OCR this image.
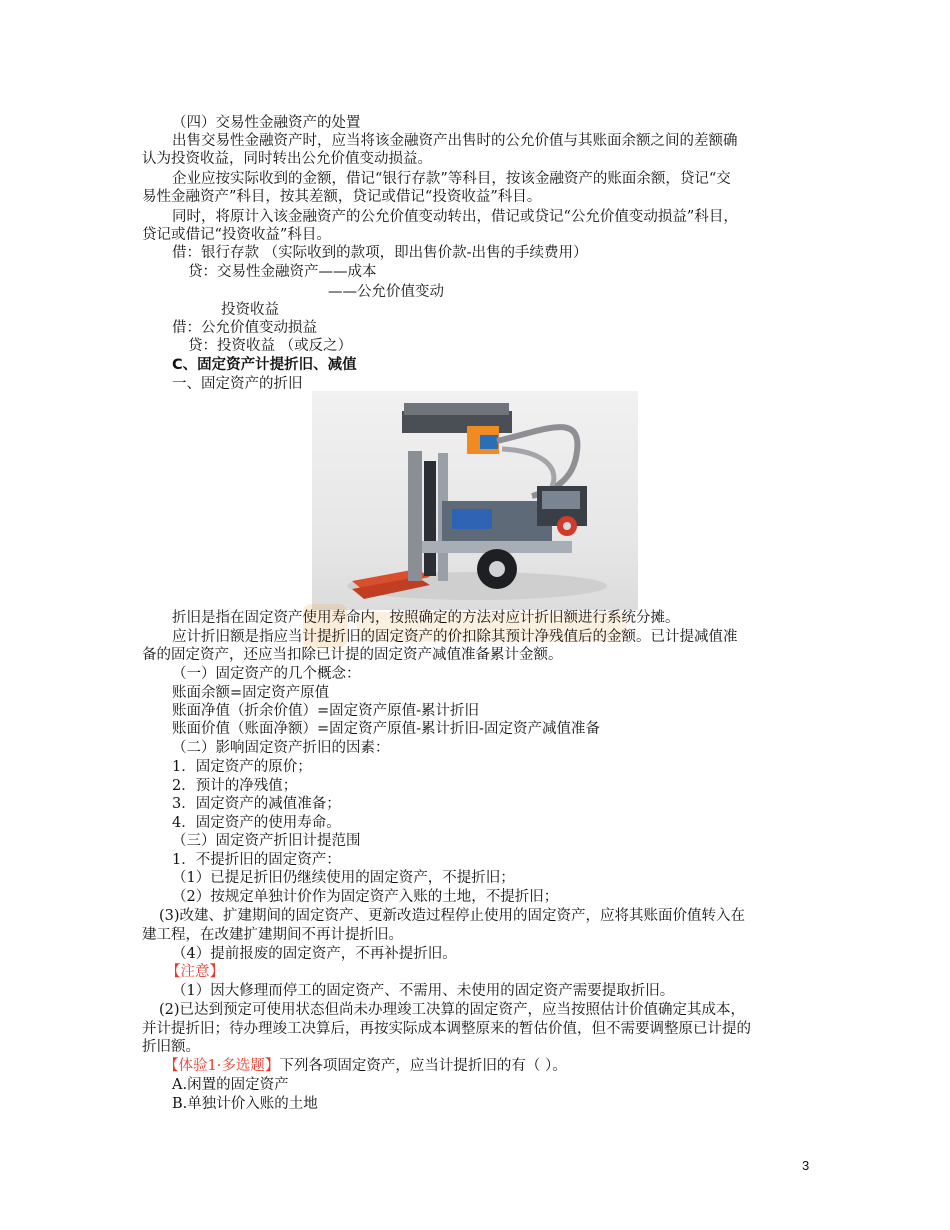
（四）交易性金融资产的处置
出售交易性金融资产时，应当将该金融资产出售时的公允价值与其账面余额之间的差额确
认为投资收益，同时转出公允价值变动损益。
企业应按实际收到的金额，借记“银行存款”等科目，按该金融资产的账面余额，贷记“交
易性金融资产”科目，按其差额，贷记或借记“投资收益”科目。
同时，将原计入该金融资产的公允价值变动转出，借记或贷记“公允价值变动损益”科目，
贷记或借记“投资收益”科目。
借：银行存款 （实际收到的款项，即出售价款-出售的手续费用）
贷：交易性金融资产——成本
——公允价值变动
投资收益
借：公允价值变动损益
贷：投资收益 （或反之）
C、固定资产计提折旧、减值
一、固定资产的折旧
折旧是指在固定资产使用寿命内，按照确定的方法对应计折旧额进行系统分摊。
应计折旧额是指应当计提折旧的固定资产的价扣除其预计净残值后的金额。已计提减值准
备的固定资产，还应当扣除已计提的固定资产减值准备累计金额。
（一）固定资产的几个概念：
账面余额=固定资产原值
账面净值（折余价值）=固定资产原值-累计折旧
账面价值（账面净额）=固定资产原值-累计折旧-固定资产减值准备
（二）影响固定资产折旧的因素：
1．固定资产的原价；
2．预计的净残值；
3．固定资产的减值准备；
4．固定资产的使用寿命。
（三）固定资产折旧计提范围
1．不提折旧的固定资产：
（1）已提足折旧仍继续使用的固定资产，不提折旧；
（2）按规定单独计价作为固定资产入账的土地，不提折旧；
(3)改建、扩建期间的固定资产、更新改造过程停止使用的固定资产，应将其账面价值转入在
建工程，在改建扩建期间不再计提折旧。
（4）提前报废的固定资产，不再补提折旧。
【注意】
（1）因大修理而停工的固定资产、不需用、未使用的固定资产需要提取折旧。
(2)已达到预定可使用状态但尚未办理竣工决算的固定资产，应当按照估计价值确定其成本，
并计提折旧；待办理竣工决算后，再按实际成本调整原来的暂估价值，但不需要调整原已计提的
折旧额。
【体验1·多选题】下列各项固定资产，应当计提折旧的有（ ）。
A.闲置的固定资产
B.单独计价入账的土地
3
